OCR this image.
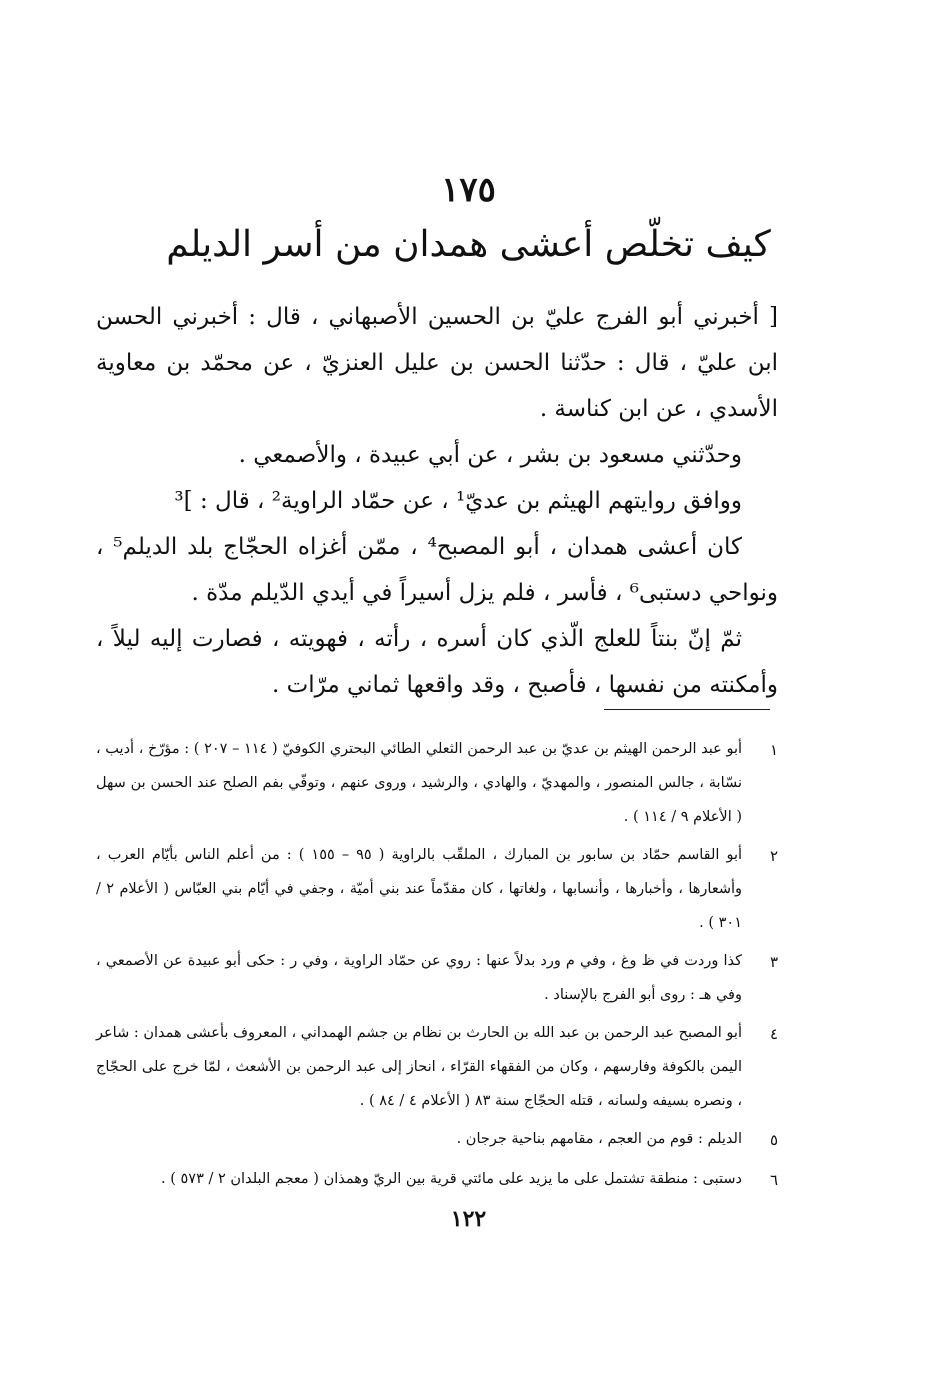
١٧٥
كيف تخلّص أعشى همدان من أسر الديلم

[ أخبرني أبو الفرج عليّ بن الحسين الأصبهاني ، قال : أخبرني الحسن ابن عليّ ، قال : حدّثنا الحسن بن عليل العنزيّ ، عن محمّد بن معاوية الأسدي ، عن ابن كناسة .

وحدّثني مسعود بن بشر ، عن أبي عبيدة ، والأصمعي .

ووافق روايتهم الهيثم بن عديّ¹ ، عن حمّاد الراوية² ، قال : ]³

كان أعشى همدان ، أبو المصبح⁴ ، ممّن أغزاه الحجّاج بلد الديلم⁵ ، ونواحي دستبى⁶ ، فأسر ، فلم يزل أسيراً في أيدي الدّيلم مدّة .

ثمّ إنّ بنتاً للعلج الّذي كان أسره ، رأته ، فهويته ، فصارت إليه ليلاً ، وأمكنته من نفسها ، فأصبح ، وقد واقعها ثماني مرّات .

١
أبو عبد الرحمن الهيثم بن عديّ بن عبد الرحمن الثعلي الطائي البحتري الكوفيّ ( ١١٤ – ٢٠٧ ) : مؤرّخ ، أديب ، نسّابة ، جالس المنصور ، والمهديّ ، والهادي ، والرشيد ، وروى عنهم ، وتوفّي بفم الصلح عند الحسن بن سهل ( الأعلام ٩ / ١١٤ ) .
٢
أبو القاسم حمّاد بن سابور بن المبارك ، الملقّب بالراوية ( ٩٥ – ١٥٥ ) : من أعلم الناس بأيّام العرب ، وأشعارها ، وأخبارها ، وأنسابها ، ولغاتها ، كان مقدّماً عند بني أميّة ، وجفي في أيّام بني العبّاس ( الأعلام ٢ / ٣٠١ ) .
٣
كذا وردت في ظ وغ ، وفي م ورد بدلاً عنها : روي عن حمّاد الراوية ، وفي ر : حكى أبو عبيدة عن الأصمعي ، وفي هـ : روى أبو الفرج بالإسناد .
٤
أبو المصبح عبد الرحمن بن عبد الله بن الحارث بن نظام بن جشم الهمداني ، المعروف بأعشى همدان : شاعر اليمن بالكوفة وفارسهم ، وكان من الفقهاء القرّاء ، انحاز إلى عبد الرحمن بن الأشعث ، لمّا خرج على الحجّاج ، ونصره بسيفه ولسانه ، قتله الحجّاج سنة ٨٣ ( الأعلام ٤ / ٨٤ ) .
٥
الديلم : قوم من العجم ، مقامهم بناحية جرجان .
٦
دستبى : منطقة تشتمل على ما يزيد على مائتي قرية بين الريّ وهمذان ( معجم البلدان ٢ / ٥٧٣ ) .
١٢٢
